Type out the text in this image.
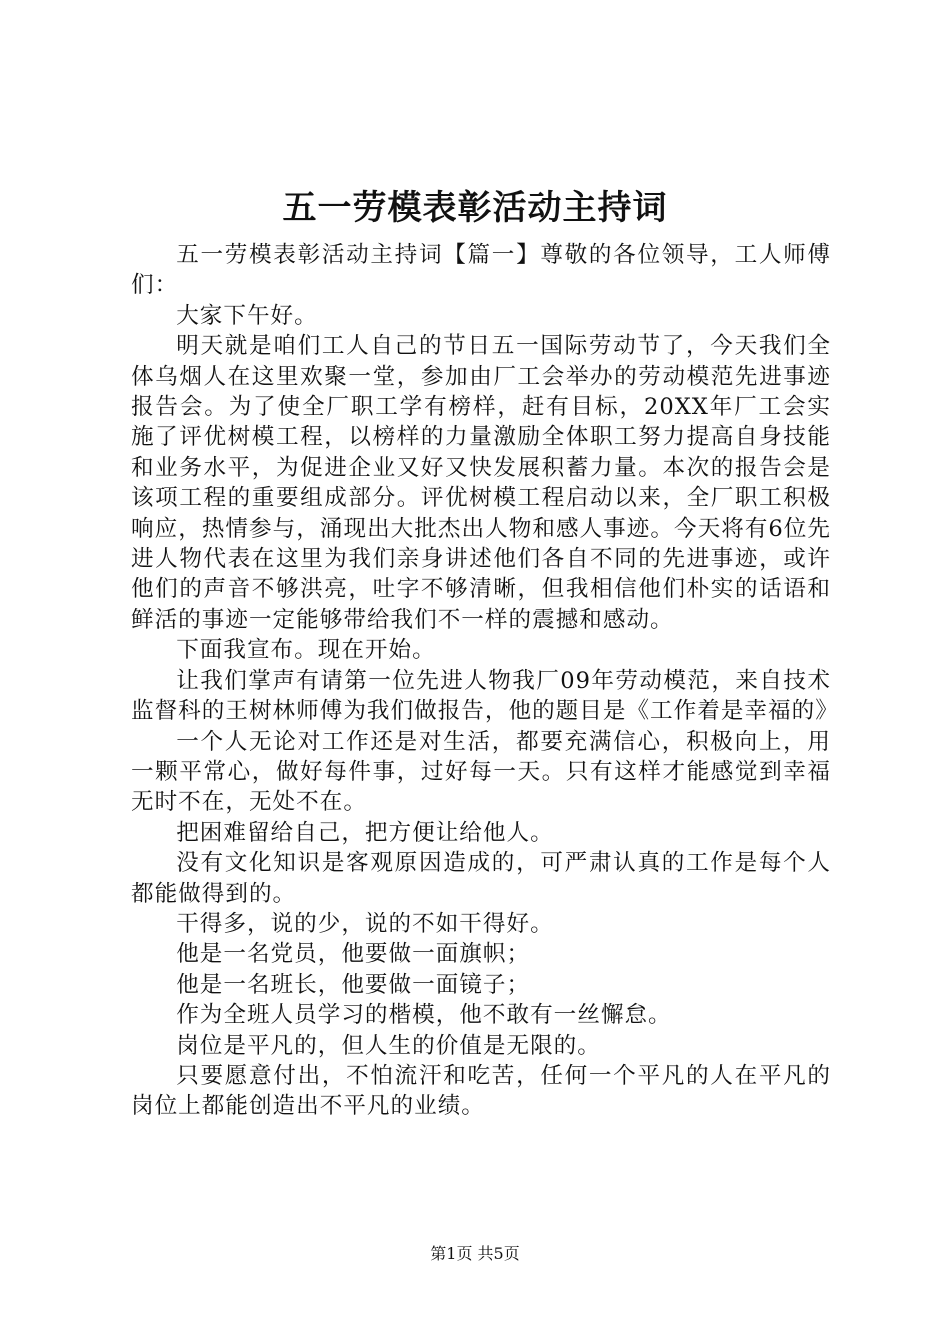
五一劳模表彰活动主持词

五一劳模表彰活动主持词【篇一】尊敬的各位领导，工人师傅们：

大家下午好。

明天就是咱们工人自己的节日五一国际劳动节了，今天我们全体乌烟人在这里欢聚一堂，参加由厂工会举办的劳动模范先进事迹报告会。为了使全厂职工学有榜样，赶有目标，20XX年厂工会实施了评优树模工程，以榜样的力量激励全体职工努力提高自身技能和业务水平，为促进企业又好又快发展积蓄力量。本次的报告会是该项工程的重要组成部分。评优树模工程启动以来，全厂职工积极响应，热情参与，涌现出大批杰出人物和感人事迹。今天将有6位先进人物代表在这里为我们亲身讲述他们各自不同的先进事迹，或许他们的声音不够洪亮，吐字不够清晰，但我相信他们朴实的话语和鲜活的事迹一定能够带给我们不一样的震撼和感动。

下面我宣布。现在开始。

让我们掌声有请第一位先进人物我厂09年劳动模范，来自技术监督科的王树林师傅为我们做报告，他的题目是《工作着是幸福的》

一个人无论对工作还是对生活，都要充满信心，积极向上，用一颗平常心，做好每件事，过好每一天。只有这样才能感觉到幸福无时不在，无处不在。

把困难留给自己，把方便让给他人。

没有文化知识是客观原因造成的，可严肃认真的工作是每个人都能做得到的。

干得多，说的少，说的不如干得好。

他是一名党员，他要做一面旗帜；

他是一名班长，他要做一面镜子；

作为全班人员学习的楷模，他不敢有一丝懈怠。

岗位是平凡的，但人生的价值是无限的。

只要愿意付出，不怕流汗和吃苦，任何一个平凡的人在平凡的岗位上都能创造出不平凡的业绩。

第1页 共5页
